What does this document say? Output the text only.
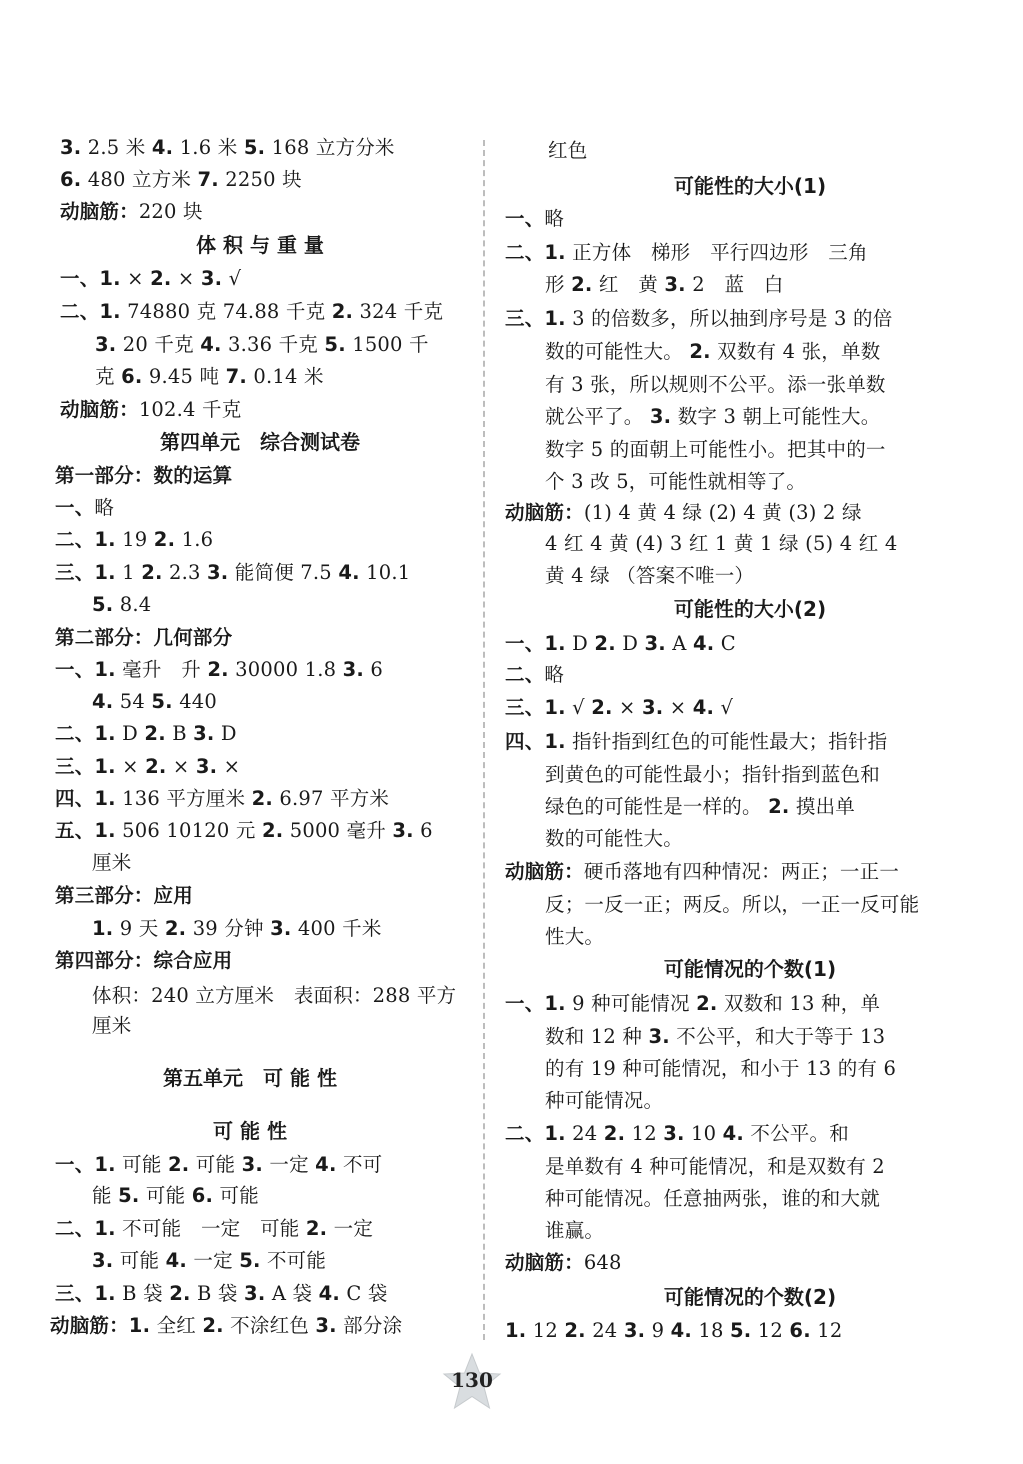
3. 2.5 米 4. 1.6 米 5. 168 立方分米
6. 480 立方米 7. 2250 块
动脑筋：220 块
体 积 与 重 量
一、1. × 2. × 3. √
二、1. 74880 克 74.88 千克 2. 324 千克
3. 20 千克 4. 3.36 千克 5. 1500 千
克 6. 9.45 吨 7. 0.14 米
动脑筋：102.4 千克
第四单元　综合测试卷
第一部分：数的运算
一、略
二、1. 19 2. 1.6
三、1. 1 2. 2.3 3. 能简便 7.5 4. 10.1
5. 8.4
第二部分：几何部分
一、1. 毫升　升 2. 30000 1.8 3. 6
4. 54 5. 440
二、1. D 2. B 3. D
三、1. × 2. × 3. ×
四、1. 136 平方厘米 2. 6.97 平方米
五、1. 506 10120 元 2. 5000 毫升 3. 6
厘米
第三部分：应用
1. 9 天 2. 39 分钟 3. 400 千米
第四部分：综合应用
体积：240 立方厘米　表面积：288 平方
厘米
第五单元　可 能 性
可 能 性
一、1. 可能 2. 可能 3. 一定 4. 不可
能 5. 可能 6. 可能
二、1. 不可能　一定　可能 2. 一定
3. 可能 4. 一定 5. 不可能
三、1. B 袋 2. B 袋 3. A 袋 4. C 袋
动脑筋：1. 全红 2. 不涂红色 3. 部分涂
红色
可能性的大小(1)
一、略
二、1. 正方体　梯形　平行四边形　三角
形 2. 红　黄 3. 2　蓝　白
三、1. 3 的倍数多，所以抽到序号是 3 的倍
数的可能性大。 2. 双数有 4 张，单数
有 3 张，所以规则不公平。添一张单数
就公平了。 3. 数字 3 朝上可能性大。
数字 5 的面朝上可能性小。把其中的一
个 3 改 5，可能性就相等了。
动脑筋：(1) 4 黄 4 绿 (2) 4 黄 (3) 2 绿
4 红 4 黄 (4) 3 红 1 黄 1 绿 (5) 4 红 4
黄 4 绿 （答案不唯一）
可能性的大小(2)
一、1. D 2. D 3. A 4. C
二、略
三、1. √ 2. × 3. × 4. √
四、1. 指针指到红色的可能性最大；指针指
到黄色的可能性最小；指针指到蓝色和
绿色的可能性是一样的。 2. 摸出单
数的可能性大。
动脑筋：硬币落地有四种情况：两正；一正一
反；一反一正；两反。所以，一正一反可能
性大。
可能情况的个数(1)
一、1. 9 种可能情况 2. 双数和 13 种，单
数和 12 种 3. 不公平，和大于等于 13
的有 19 种可能情况，和小于 13 的有 6
种可能情况。
二、1. 24 2. 12 3. 10 4. 不公平。和
是单数有 4 种可能情况，和是双数有 2
种可能情况。任意抽两张，谁的和大就
谁赢。
动脑筋：648
可能情况的个数(2)
1. 12 2. 24 3. 9 4. 18 5. 12 6. 12
130
